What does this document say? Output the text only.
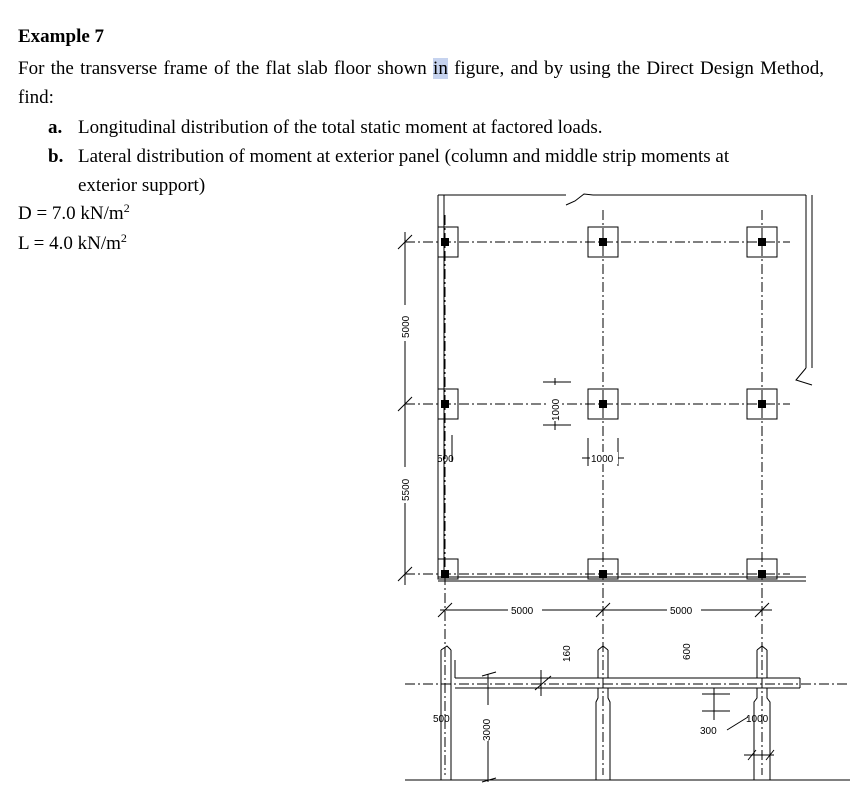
Example 7
For the transverse frame of the flat slab floor shown in figure, and by using the Direct Design Method, find:
a. Longitudinal distribution of the total static moment at factored loads.
b. Lateral distribution of moment at exterior panel (column and middle strip moments at
exterior support)
D = 7.0 $kN/m^2$
L = 4.0 $kN/m^2$
5000
5500
5000	5000
1000
1000
500
160	600
3000
500
300
1000
